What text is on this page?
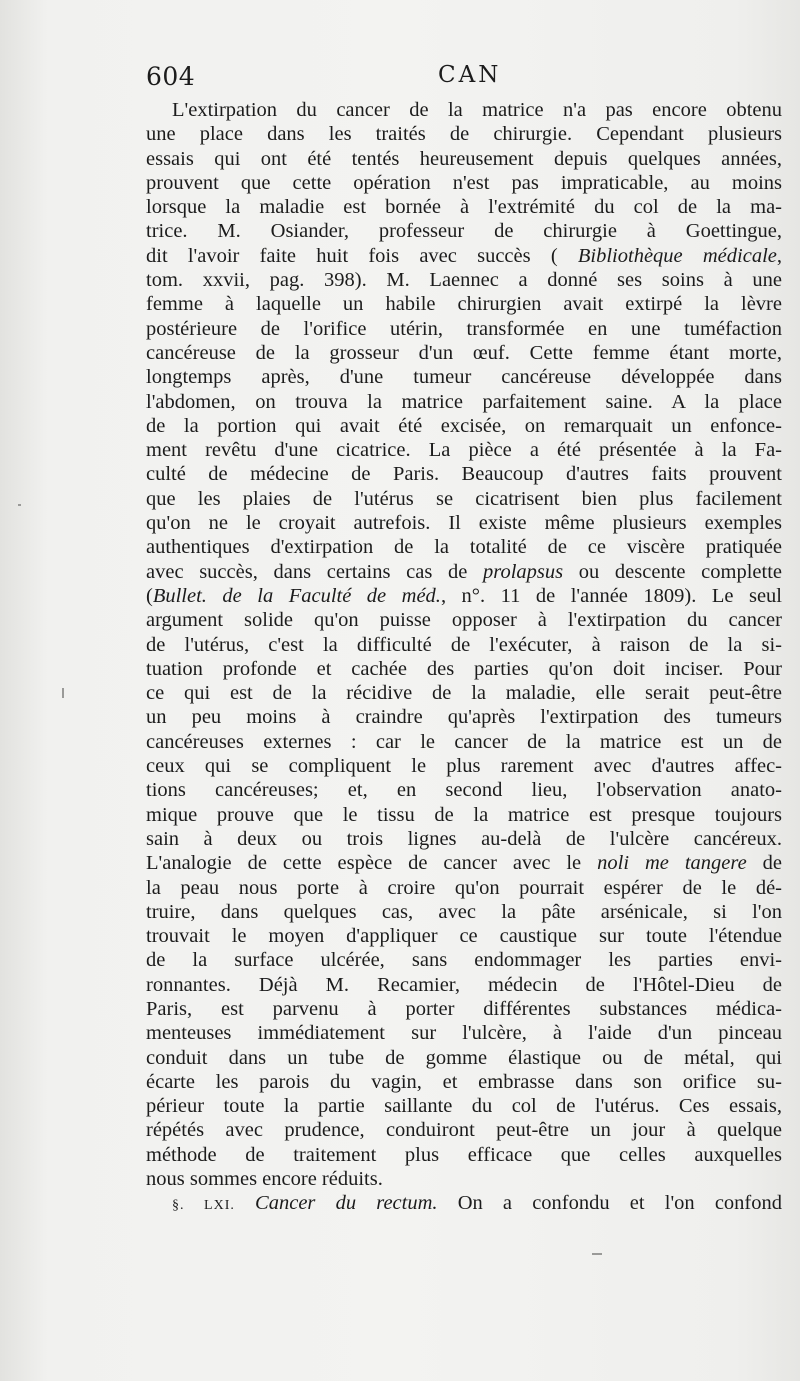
604	CAN
L'extirpation du cancer de la matrice n'a pas encore obtenu
une place dans les traités de chirurgie. Cependant plusieurs
essais qui ont été tentés heureusement depuis quelques années,
prouvent que cette opération n'est pas impraticable, au moins
lorsque la maladie est bornée à l'extrémité du col de la ma-
trice. M. Osiander, professeur de chirurgie à Goettingue,
dit l'avoir faite huit fois avec succès ( Bibliothèque médicale,
tom. xxvii, pag. 398). M. Laennec a donné ses soins à une
femme à laquelle un habile chirurgien avait extirpé la lèvre
postérieure de l'orifice utérin, transformée en une tuméfaction
cancéreuse de la grosseur d'un œuf. Cette femme étant morte,
longtemps après, d'une tumeur cancéreuse développée dans
l'abdomen, on trouva la matrice parfaitement saine. A la place
de la portion qui avait été excisée, on remarquait un enfonce-
ment revêtu d'une cicatrice. La pièce a été présentée à la Fa-
culté de médecine de Paris. Beaucoup d'autres faits prouvent
que les plaies de l'utérus se cicatrisent bien plus facilement
qu'on ne le croyait autrefois. Il existe même plusieurs exemples
authentiques d'extirpation de la totalité de ce viscère pratiquée
avec succès, dans certains cas de prolapsus ou descente complette
(Bullet. de la Faculté de méd., n°. 11 de l'année 1809). Le seul
argument solide qu'on puisse opposer à l'extirpation du cancer
de l'utérus, c'est la difficulté de l'exécuter, à raison de la si-
tuation profonde et cachée des parties qu'on doit inciser. Pour
ce qui est de la récidive de la maladie, elle serait peut-être
un peu moins à craindre qu'après l'extirpation des tumeurs
cancéreuses externes : car le cancer de la matrice est un de
ceux qui se compliquent le plus rarement avec d'autres affec-
tions cancéreuses; et, en second lieu, l'observation anato-
mique prouve que le tissu de la matrice est presque toujours
sain à deux ou trois lignes au-delà de l'ulcère cancéreux.
L'analogie de cette espèce de cancer avec le noli me tangere de
la peau nous porte à croire qu'on pourrait espérer de le dé-
truire, dans quelques cas, avec la pâte arsénicale, si l'on
trouvait le moyen d'appliquer ce caustique sur toute l'étendue
de la surface ulcérée, sans endommager les parties envi-
ronnantes. Déjà M. Recamier, médecin de l'Hôtel-Dieu de
Paris, est parvenu à porter différentes substances médica-
menteuses immédiatement sur l'ulcère, à l'aide d'un pinceau
conduit dans un tube de gomme élastique ou de métal, qui
écarte les parois du vagin, et embrasse dans son orifice su-
périeur toute la partie saillante du col de l'utérus. Ces essais,
répétés avec prudence, conduiront peut-être un jour à quelque
méthode de traitement plus efficace que celles auxquelles
nous sommes encore réduits.
§. LXI. Cancer du rectum. On a confondu et l'on confond
